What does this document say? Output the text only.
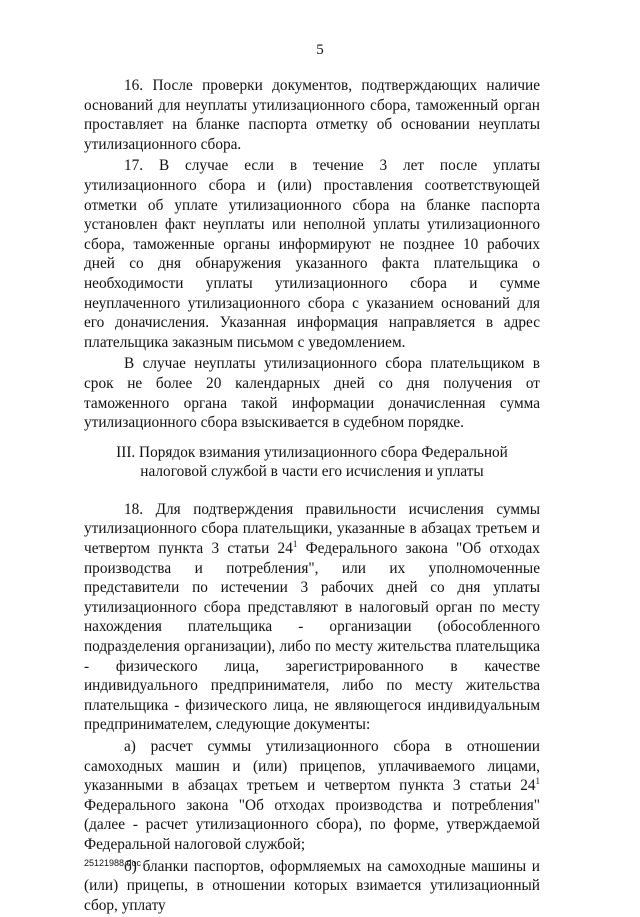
5

16. После проверки документов, подтверждающих наличие оснований для неуплаты утилизационного сбора, таможенный орган проставляет на бланке паспорта отметку об основании неуплаты утилизационного сбора.

17. В случае если в течение 3 лет после уплаты утилизационного сбора и (или) проставления соответствующей отметки об уплате утилизационного сбора на бланке паспорта установлен факт неуплаты или неполной уплаты утилизационного сбора, таможенные органы информируют не позднее 10 рабочих дней со дня обнаружения указанного факта плательщика о необходимости уплаты утилизационного сбора и сумме неуплаченного утилизационного сбора с указанием оснований для его доначисления. Указанная информация направляется в адрес плательщика заказным письмом с уведомлением.

В случае неуплаты утилизационного сбора плательщиком в срок не более 20 календарных дней со дня получения от таможенного органа такой информации доначисленная сумма утилизационного сбора взыскивается в судебном порядке.

III. Порядок взимания утилизационного сбора Федеральной
налоговой службой в части его исчисления и уплаты

18. Для подтверждения правильности исчисления суммы утилизационного сбора плательщики, указанные в абзацах третьем и четвертом пункта 3 статьи $24^1$ Федерального закона "Об отходах производства и потребления", или их уполномоченные представители по истечении 3 рабочих дней со дня уплаты утилизационного сбора представляют в налоговый орган по месту нахождения плательщика - организации (обособленного подразделения организации), либо по месту жительства плательщика - физического лица, зарегистрированного в качестве индивидуального предпринимателя, либо по месту жительства плательщика - физического лица, не являющегося индивидуальным предпринимателем, следующие документы:

а) расчет суммы утилизационного сбора в отношении самоходных машин и (или) прицепов, уплачиваемого лицами, указанными в абзацах третьем и четвертом пункта 3 статьи $24^1$ Федерального закона "Об отходах производства и потребления" (далее - расчет утилизационного сбора), по форме, утверждаемой Федеральной налоговой службой;

б) бланки паспортов, оформляемых на самоходные машины и (или) прицепы, в отношении которых взимается утилизационный сбор, уплату

25121988.doc
